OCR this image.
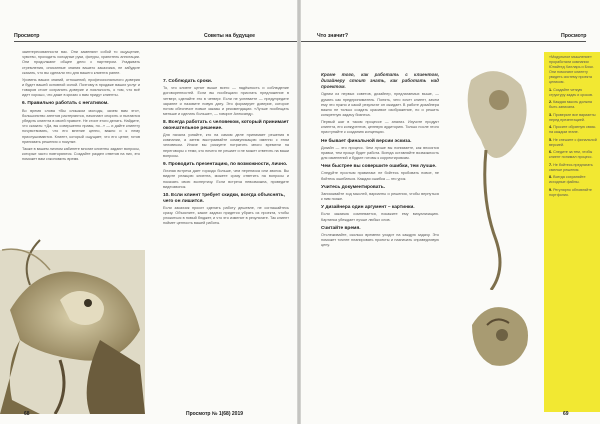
Просмотр	Советы на будущее

заинтересованности вас. Они заменяют собой то ощущение, чувство, проходить холодные руки, фигуры, хранитель аннотации. Они продолжают общее дело с партнером. Угадывать стремления, описанные знания вашего заказчика, не забудьте сказать, что вы сделали это для вашего клиента ранее.

Уровень ваших знаний, отношений, профессионального доверия и будет вашей основной силой. Поэтому в продаже ваших услуг и товаров стоит сохранить доверие и лояльность, о том, что всё идет хорошо, что даже в кризис к вам придут клиенты.

6. Правильно работать с негативом.

Во время слова «Вы слишком молоды, зачем вам это», большинство агентов растеряются, начинают спорить и пытаются убедить клиента в своей правоте. Не стоит этого делать. Найдите, что сказать: «Да, вы совершенно правы, но...» — и дайте клиенту почувствовать, что его мнение ценно, важно и к нему прислушиваются. Клиент, который ощущает, что его ценят, готов принимать решения о покупке.

Также в вашем личном кабинете многие клиенты задают вопросы, которые часто повторяются. Создайте раздел ответов на них, это поможет вам сэкономить время.

7. Соблюдать сроки.

То, что клиент ценит выше всего — надёжность и соблюдение договоренностей. Если вы пообещали прислать предложение в четверг, сделайте это в четверг. Если не успеваете — предупредите заранее и назовите новую дату. Это формирует доверие, которое потом обеспечит новые заказы и рекомендации. «Лучше пообещать меньше и сделать больше», — говорит Александр.

8. Всегда работать с человеком, который принимает окончательное решение.

Для начала узнайте, кто на самом деле принимает решения в компании, а затем выстраивайте коммуникацию именно с этим человеком. Иначе вы рискуете потратить много времени на переговоры с теми, кто ничего не решает и не может ответить на ваши вопросы.

9. Проводить презентацию, по возможности, лично.

Личная встреча дает гораздо больше, чем переписка или звонок. Вы видите реакцию клиента, можете сразу ответить на вопросы и показать свою экспертизу. Если встреча невозможна, проведите видеозвонок.

10. Если клиент требует скидки, всегда объяснять, чего он лишится.

Если заказчик просит сделать работу дешевле, не соглашайтесь сразу. Объясните, какие задачи придется убрать из проекта, чтобы уложиться в новый бюджет, и что это изменит в результате. Так клиент поймет ценность вашей работы.

68	Просмотр № 1(68) 2019
Что значит?	Просмотр

Кроме того, как работать с клиентом, дизайнеру стоит знать, как работать над проектом.

Одним из первых советов, дизайнер, предлагаемых выше, — думать как предприниматель. Понять, чего хочет клиент, зачем ему это нужно и какой результат он ожидает. В работе дизайнера важно не только создать красивое изображение, но и решить конкретную задачу бизнеса.

Первый шаг в таком процессе — анализ. Изучите продукт клиента, его конкурентов, целевую аудиторию. Только после этого приступайте к созданию концепции.

Не бывает финальной версии эскиза.

Дизайн — это процесс. Чем лучше вы понимаете, как вносятся правки, тем проще будет работа. Всегда оставляйте возможность для изменений и будьте готовы к корректировкам.

Чем быстрее вы совершите ошибки, тем лучше.

Следуйте простым правилам: не бойтесь пробовать новое, не бойтесь ошибаться. Каждая ошибка — это урок.

Учитесь документировать.

Записывайте ход мыслей, варианты и решения, чтобы вернуться к ним позже.

У дизайнера один аргумент – картинки.

Если заказчик сомневается, покажите ему визуализацию. Картинка убеждает лучше любых слов.

Считайте время.

Отслеживайте, сколько времени уходит на каждую задачу. Это поможет точнее планировать проекты и назначать справедливую цену.

«Модульное мышление» проработали компании Юнайтед Хилларь и Бэзи. Они помогают клиенту увидеть систему проекта целиком.

1. Создайте четкую структуру задач и сроков.

2. Каждая мысль должна быть записана.

3. Проверьте все варианты перед презентацией.

4. Просите обратную связь на каждом этапе.

5. Не спешите с финальной версией.

6. Следите за тем, чтобы клиент понимал процесс.

7. Не бойтесь предлагать смелые решения.

8. Всегда сохраняйте исходные файлы.

9. Регулярно обновляйте портфолио.

69
